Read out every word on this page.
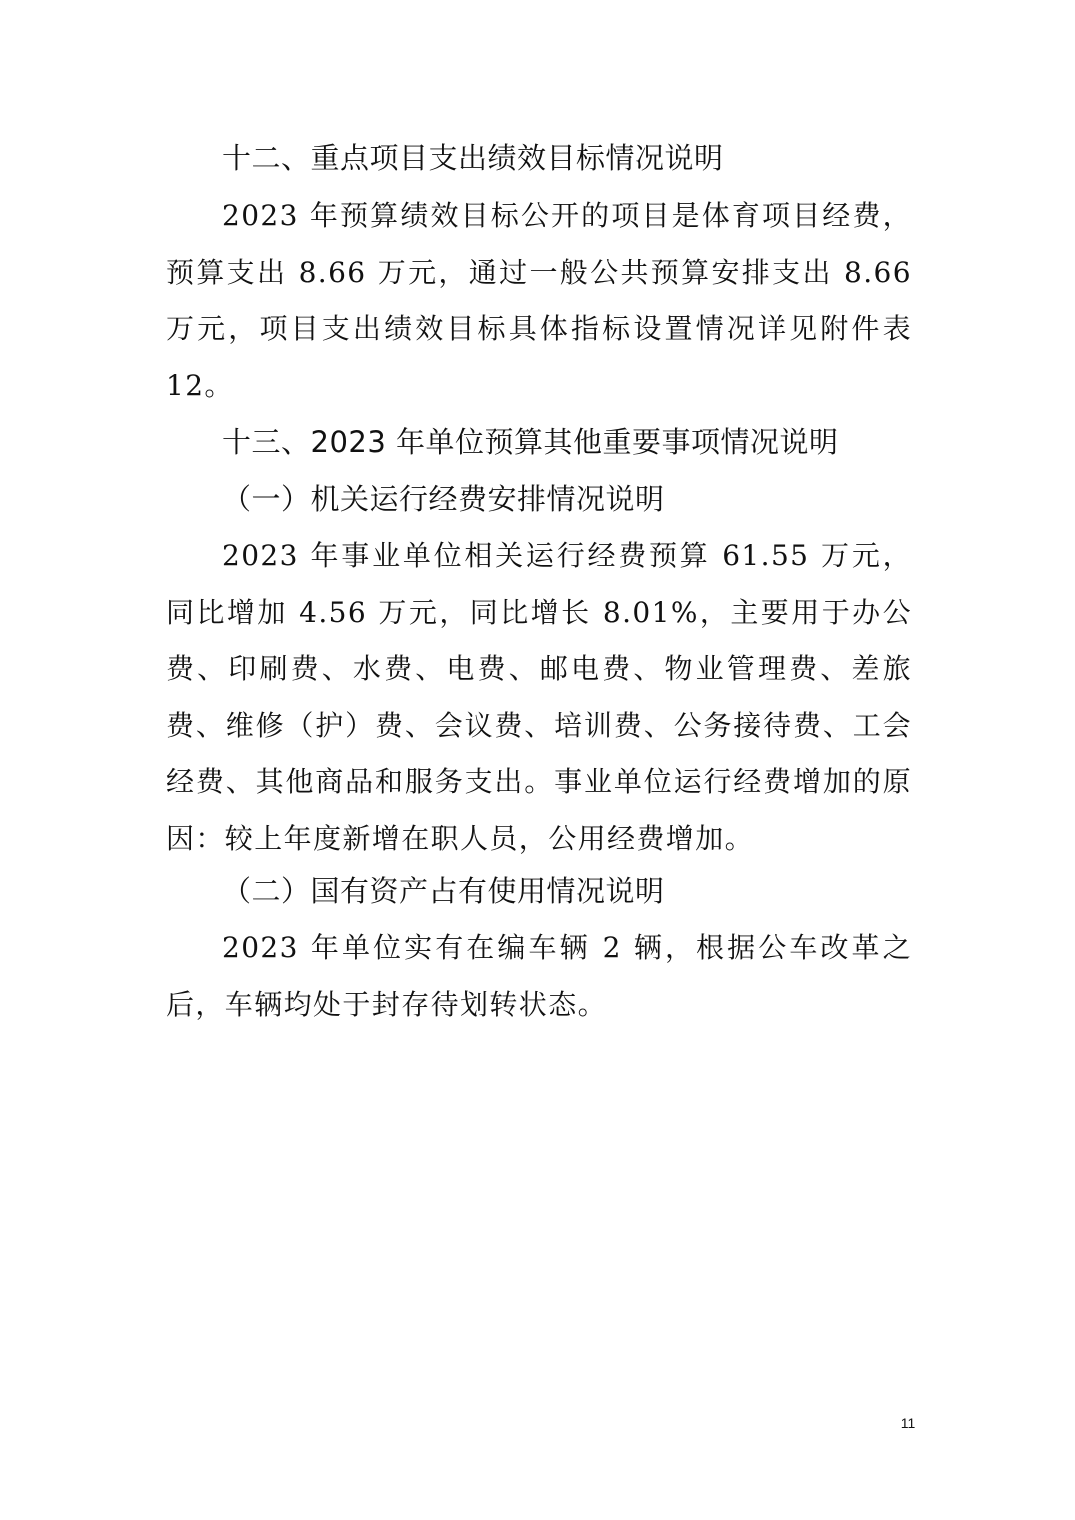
十二、重点项目支出绩效目标情况说明

2023 年预算绩效目标公开的项目是体育项目经费，预算支出 8.66 万元，通过一般公共预算安排支出 8.66 万元，项目支出绩效目标具体指标设置情况详见附件表 12。

十三、2023 年单位预算其他重要事项情况说明
（一）机关运行经费安排情况说明

2023 年事业单位相关运行经费预算 61.55 万元，同比增加 4.56 万元，同比增长 8.01%，主要用于办公费、印刷费、水费、电费、邮电费、物业管理费、差旅费、维修（护）费、会议费、培训费、公务接待费、工会经费、其他商品和服务支出。事业单位运行经费增加的原因：较上年度新增在职人员，公用经费增加。

（二）国有资产占有使用情况说明

2023 年单位实有在编车辆 2 辆，根据公车改革之后，车辆均处于封存待划转状态。

11
